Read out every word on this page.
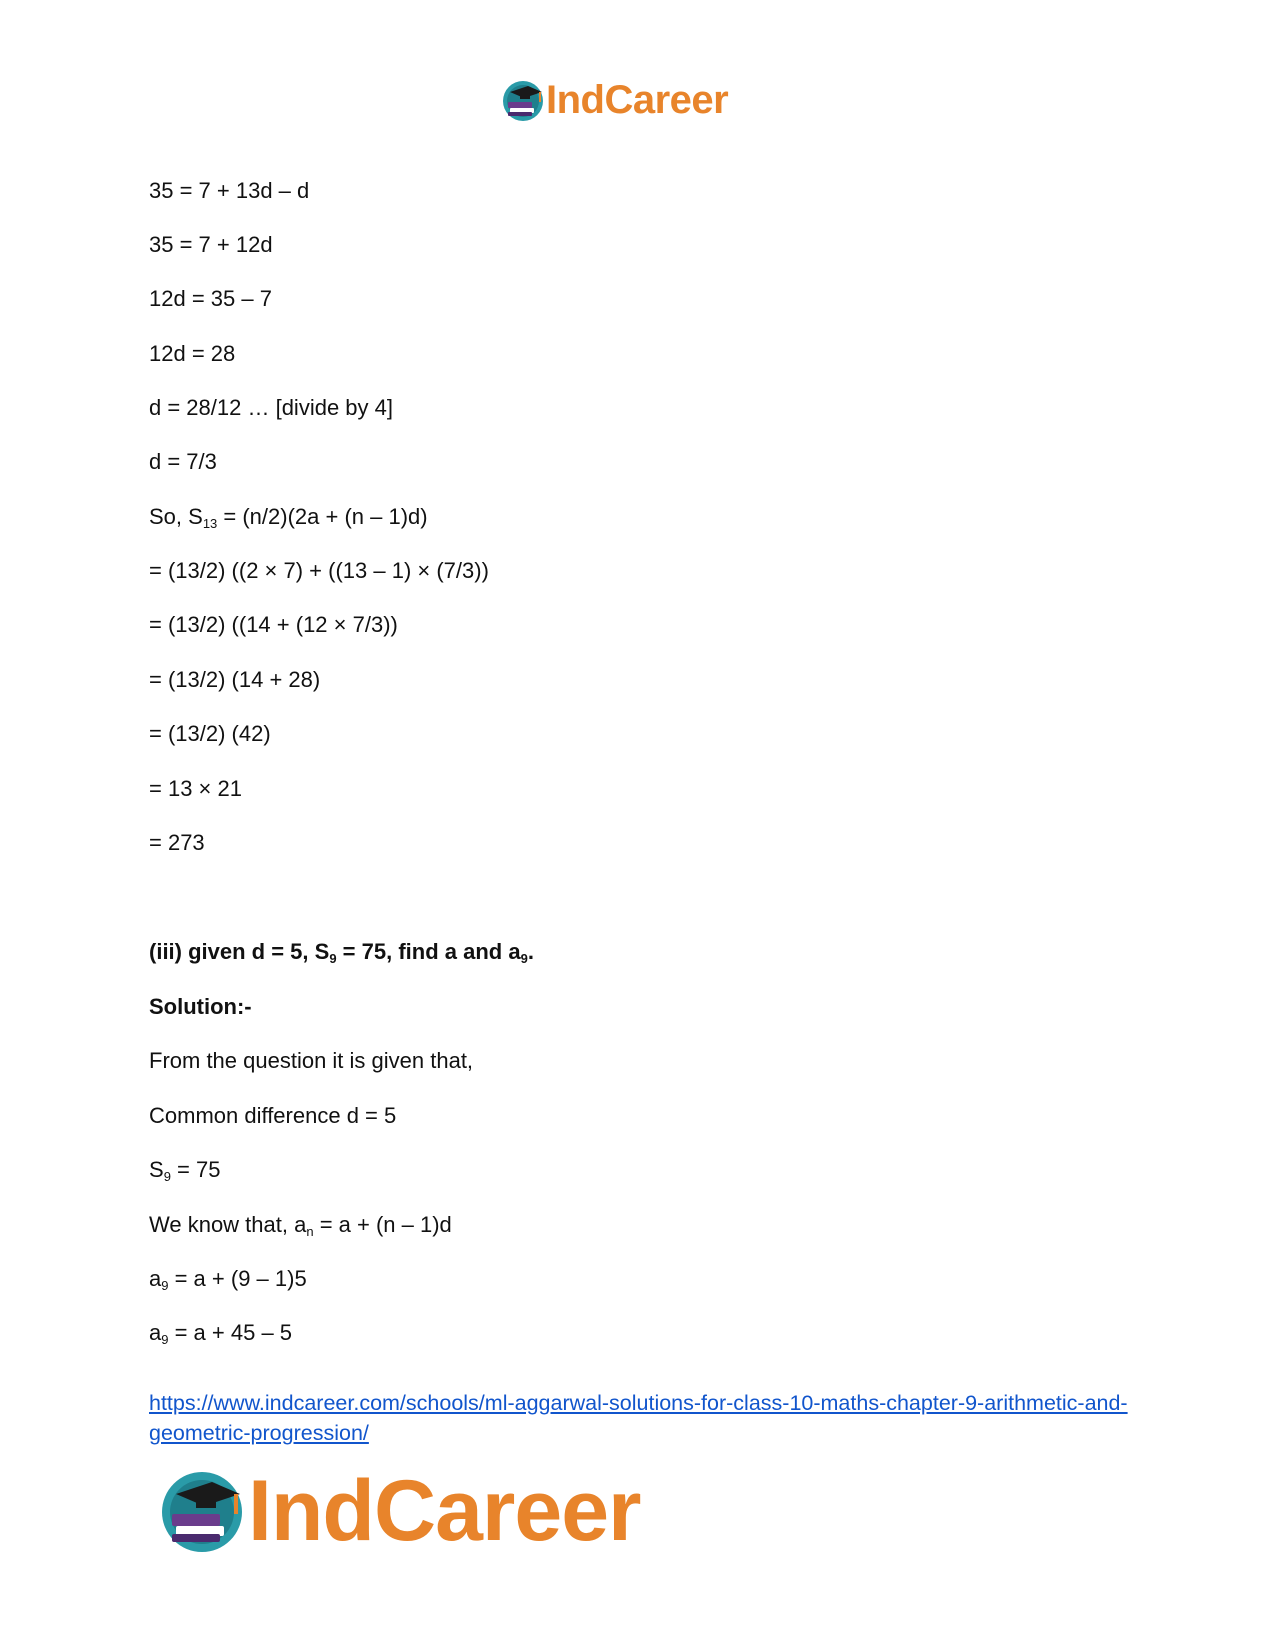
IndCareer
35 = 7 + 13d – d
35 = 7 + 12d
12d = 35 – 7
12d = 28
d = 28/12 … [divide by 4]
d = 7/3
So, $S_{13} = (n/2)(2a + (n - 1)d)$
= (13/2) ((2 × 7) + ((13 – 1) × (7/3))
= (13/2) ((14 + (12 × 7/3))
= (13/2) (14 + 28)
= (13/2) (42)
= 13 × 21
= 273
(iii) given d = 5, $S_9 = 75$, find a and $a_9$.
Solution:-
From the question it is given that,
Common difference d = 5
$S_9 = 75$
We know that, $a_n = a + (n - 1)d$
$a_9 = a + (9 - 1)5$
$a_9 = a + 45 - 5$
https://www.indcareer.com/schools/ml-aggarwal-solutions-for-class-10-maths-chapter-9-arithmetic-and-geometric-progression/
IndCareer
